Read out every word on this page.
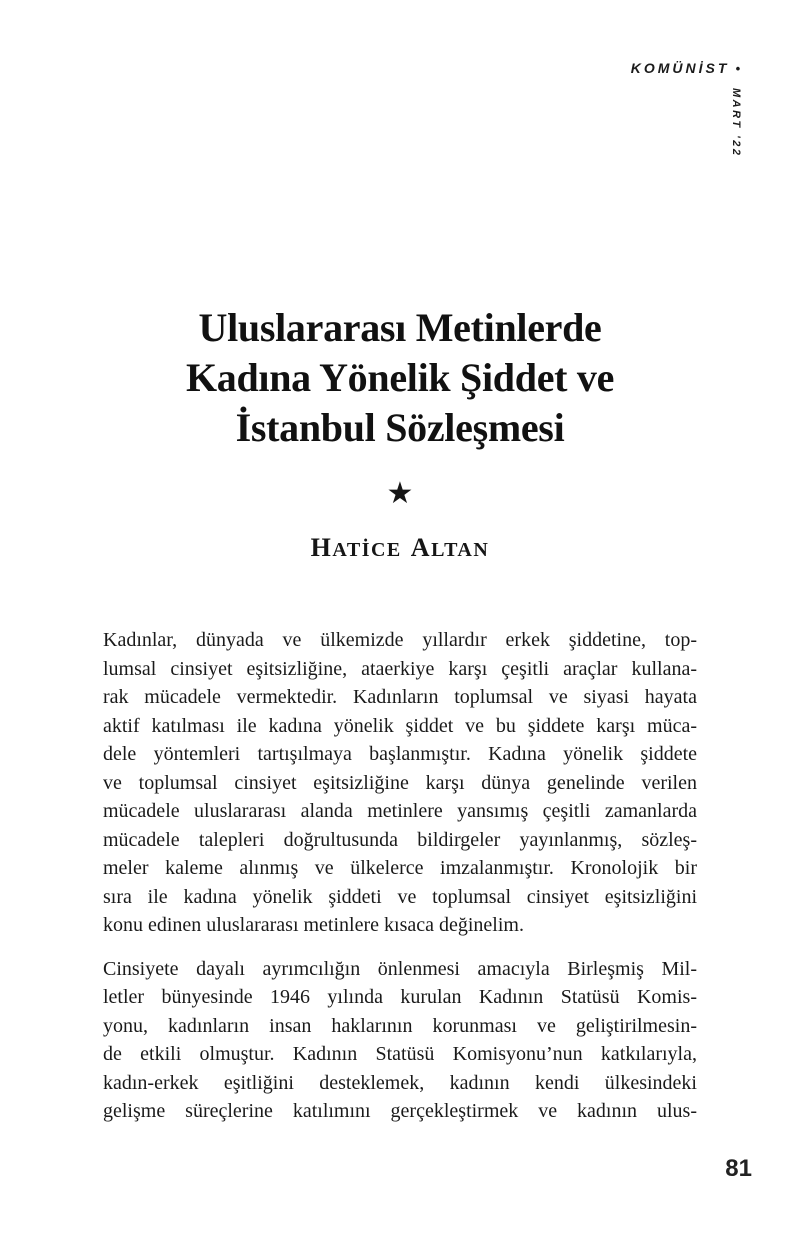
KOMÜNİST •
MART '22
Uluslararası Metinlerde
Kadına Yönelik Şiddet ve
İstanbul Sözleşmesi
★
HATİCE ALTAN

Kadınlar, dünyada ve ülkemizde yıllardır erkek şiddetine, top-
lumsal cinsiyet eşitsizliğine, ataerkiye karşı çeşitli araçlar kullana-
rak mücadele vermektedir. Kadınların toplumsal ve siyasi hayata
aktif katılması ile kadına yönelik şiddet ve bu şiddete karşı müca-
dele yöntemleri tartışılmaya başlanmıştır. Kadına yönelik şiddete
ve toplumsal cinsiyet eşitsizliğine karşı dünya genelinde verilen
mücadele uluslararası alanda metinlere yansımış çeşitli zamanlarda
mücadele talepleri doğrultusunda bildirgeler yayınlanmış, sözleş-
meler kaleme alınmış ve ülkelerce imzalanmıştır. Kronolojik bir
sıra ile kadına yönelik şiddeti ve toplumsal cinsiyet eşitsizliğini
konu edinen uluslararası metinlere kısaca değinelim.

Cinsiyete dayalı ayrımcılığın önlenmesi amacıyla Birleşmiş Mil-
letler bünyesinde 1946 yılında kurulan Kadının Statüsü Komis-
yonu, kadınların insan haklarının korunması ve geliştirilmesin-
de etkili olmuştur. Kadının Statüsü Komisyonu’nun katkılarıyla,
kadın-erkek eşitliğini desteklemek, kadının kendi ülkesindeki
gelişme süreçlerine katılımını gerçekleştirmek ve kadının ulus-

81
